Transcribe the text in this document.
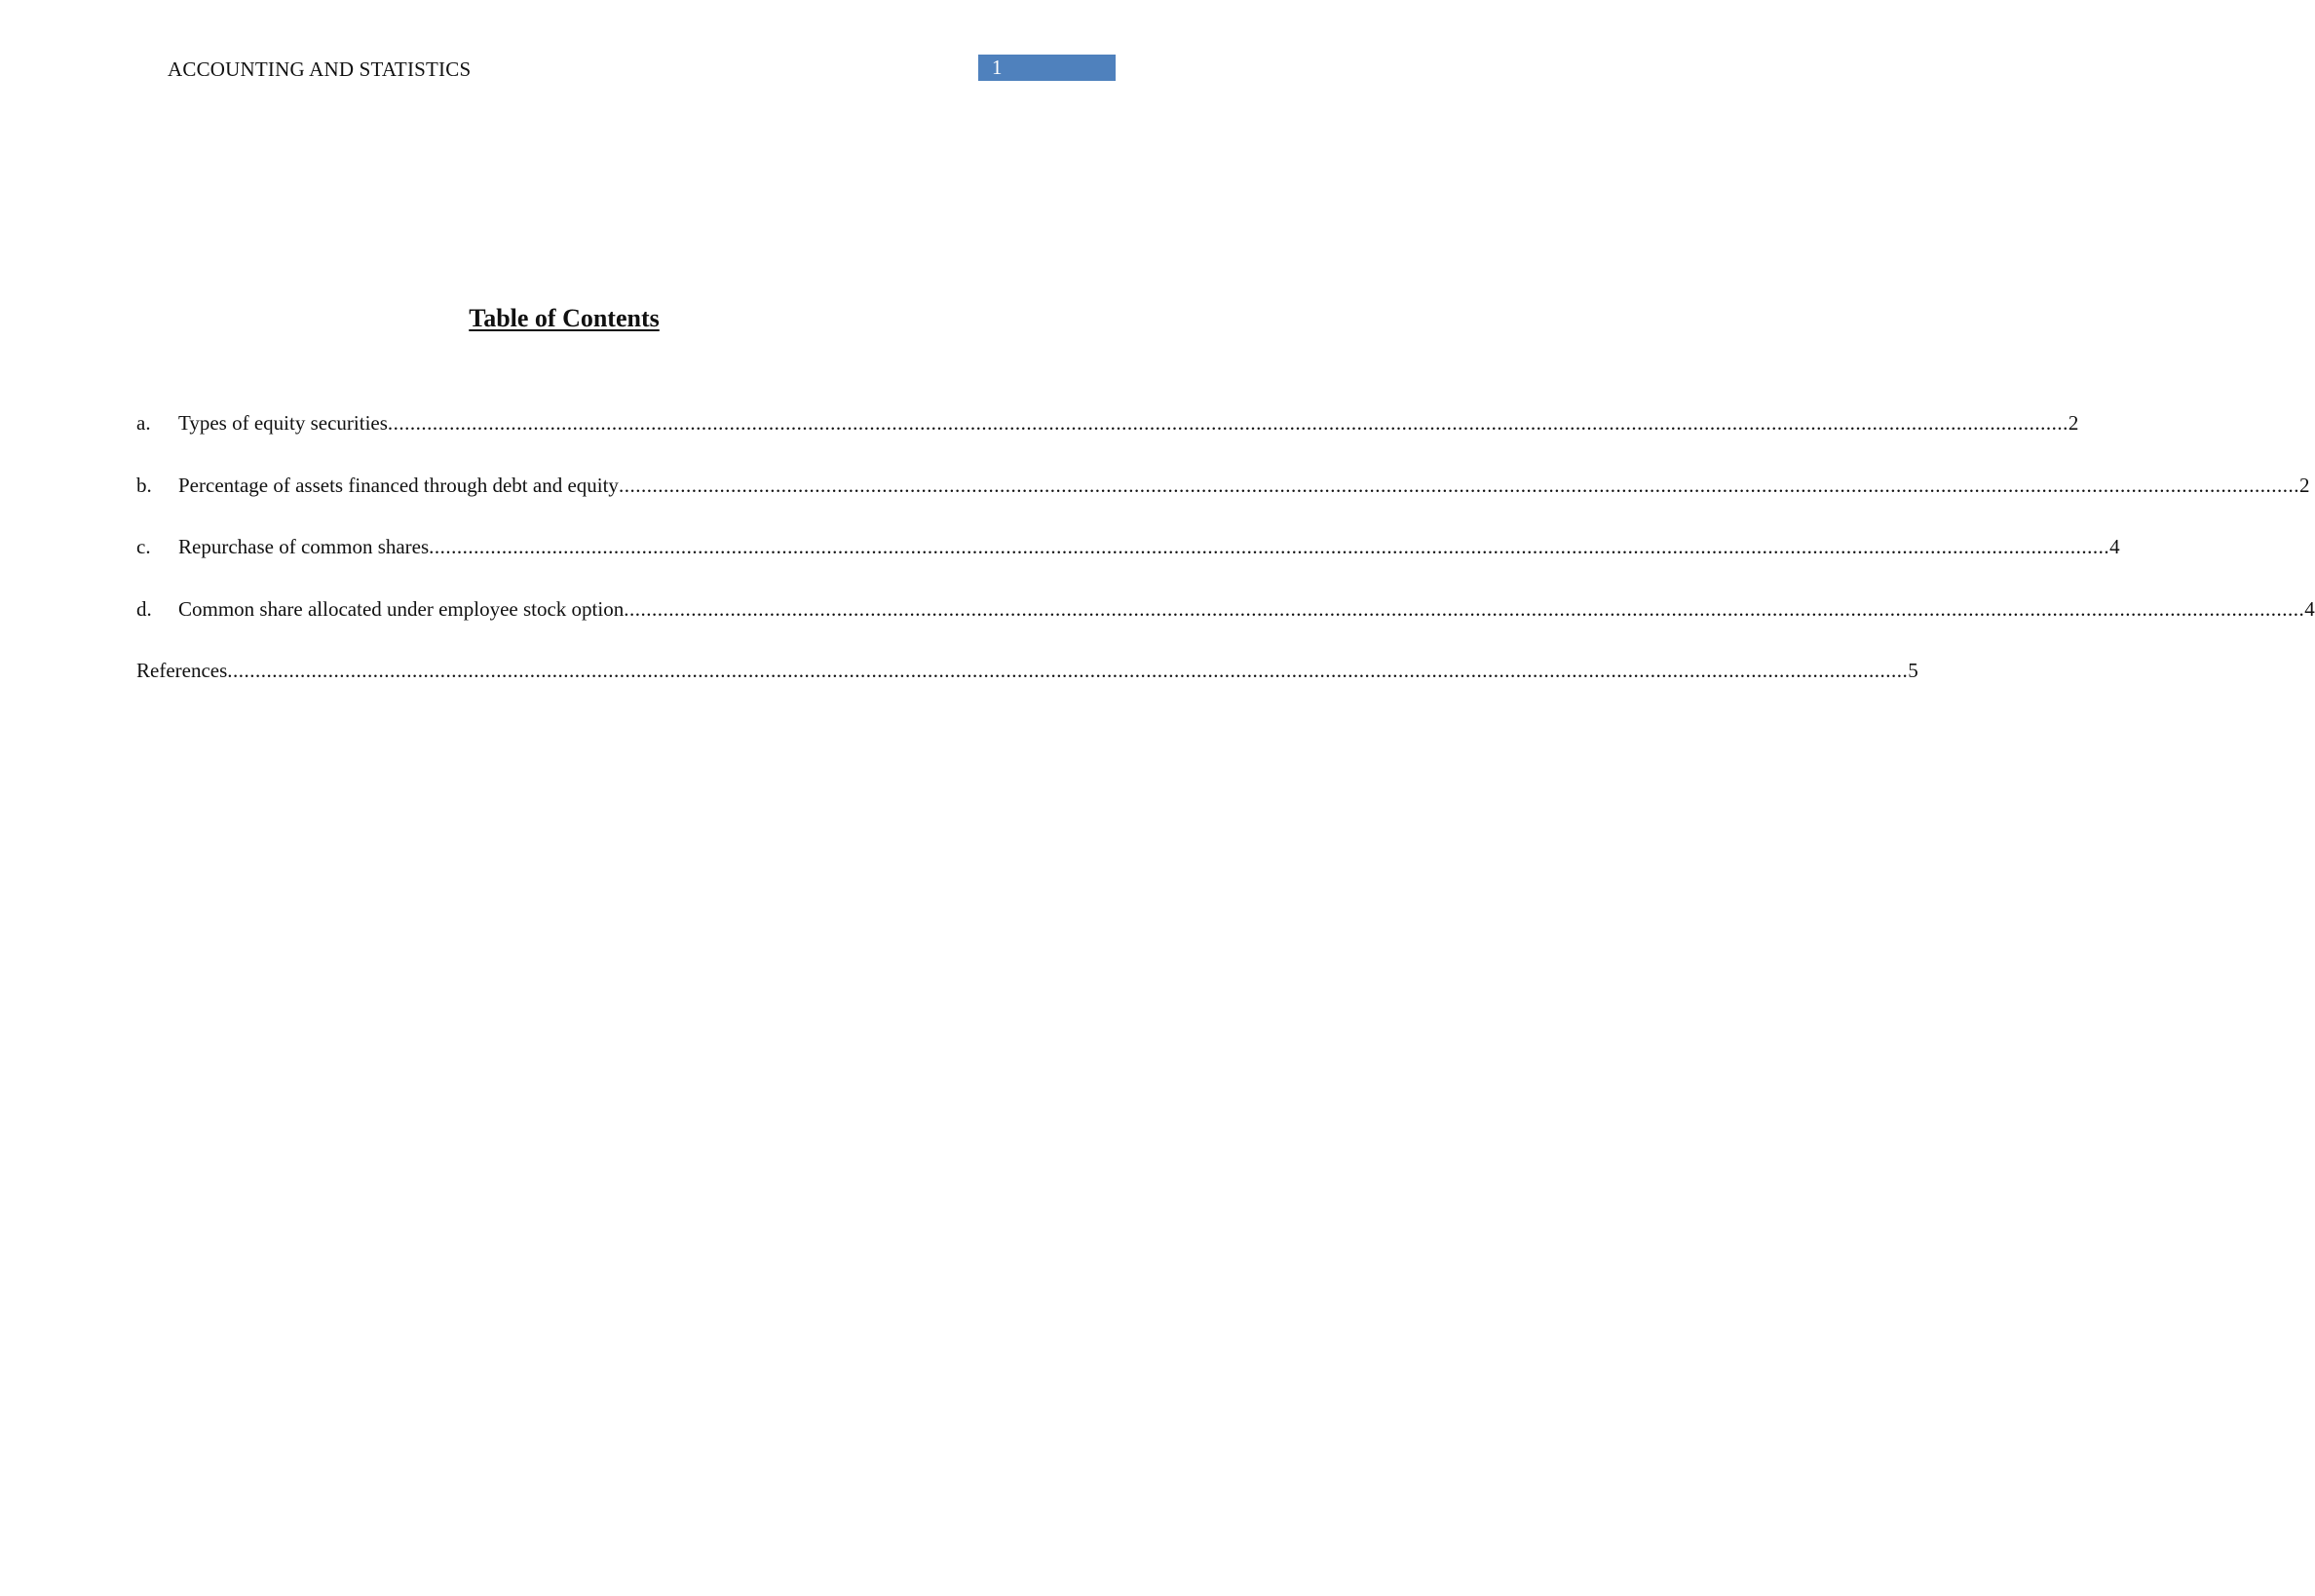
ACCOUNTING AND STATISTICS	1
Table of Contents
a.	Types of equity securities ............................................................................................................................................................................................................................................................................................................ 2
b.	Percentage of assets financed through debt and equity ............................................................................................................................................................................................................................................................................................................ 2
c.	Repurchase of common shares ............................................................................................................................................................................................................................................................................................................ 4
d.	Common share allocated under employee stock option ............................................................................................................................................................................................................................................................................................................ 4
References ............................................................................................................................................................................................................................................................................................................ 5
